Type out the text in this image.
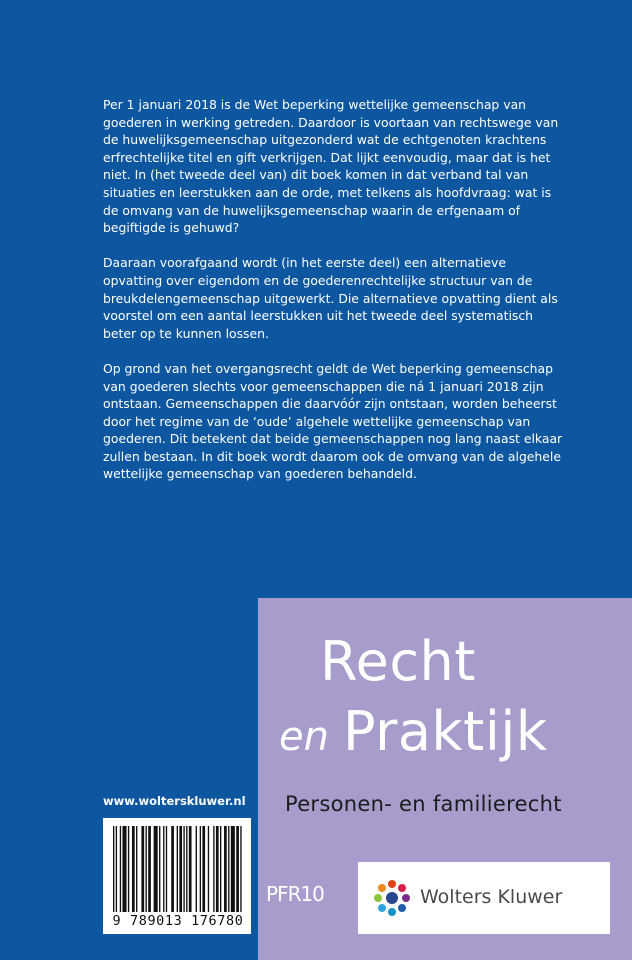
Per 1 januari 2018 is de Wet beperking wettelijke gemeenschap van goederen in werking getreden. Daardoor is voortaan van rechtswege van de huwelijksgemeenschap uitgezonderd wat de echtgenoten krachtens erfrechtelijke titel en gift verkrijgen. Dat lijkt eenvoudig, maar dat is het niet. In (het tweede deel van) dit boek komen in dat verband tal van situaties en leerstukken aan de orde, met telkens als hoofdvraag: wat is de omvang van de huwelijksgemeenschap waarin de erfgenaam of begiftigde is gehuwd?

Daaraan voorafgaand wordt (in het eerste deel) een alternatieve opvatting over eigendom en de goederenrechtelijke structuur van de breukdelengemeenschap uitgewerkt. Die alternatieve opvatting dient als voorstel om een aantal leerstukken uit het tweede deel systematisch beter op te kunnen lossen.

Op grond van het overgangsrecht geldt de Wet beperking gemeenschap van goederen slechts voor gemeenschappen die ná 1 januari 2018 zijn ontstaan. Gemeenschappen die daarvóór zijn ontstaan, worden beheerst door het regime van de ‘oude’ algehele wettelijke gemeenschap van goederen. Dit betekent dat beide gemeenschappen nog lang naast elkaar zullen bestaan. In dit boek wordt daarom ook de omvang van de algehele wettelijke gemeenschap van goederen behandeld.

www.wolterskluwer.nl
9 789013 176780
Recht
en Praktijk
Personen- en familierecht
PFR10	Wolters Kluwer
